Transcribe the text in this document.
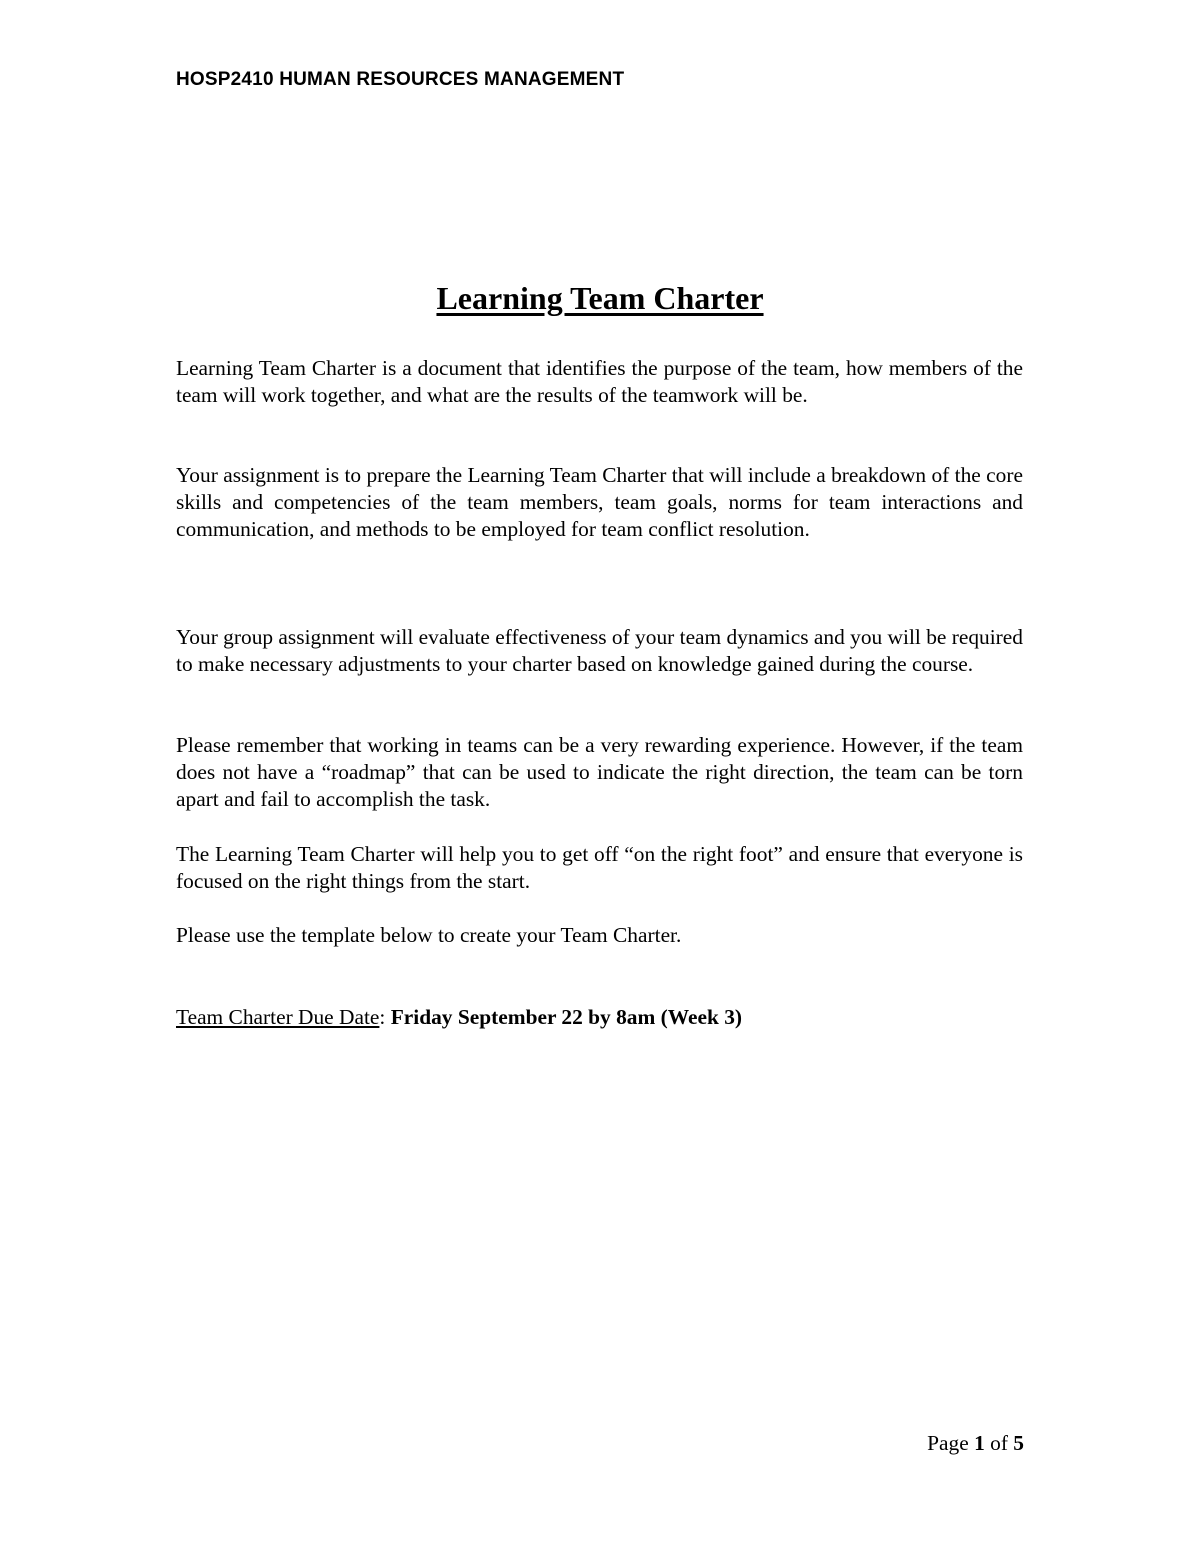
HOSP2410 HUMAN RESOURCES MANAGEMENT
Learning Team Charter

Learning Team Charter is a document that identifies the purpose of the team, how members of the team will work together, and what are the results of the teamwork will be.

Your assignment is to prepare the Learning Team Charter that will include a breakdown of the core skills and competencies of the team members, team goals, norms for team interactions and communication, and methods to be employed for team conflict resolution.

Your group assignment will evaluate effectiveness of your team dynamics and you will be required to make necessary adjustments to your charter based on knowledge gained during the course.

Please remember that working in teams can be a very rewarding experience. However, if the team does not have a “roadmap” that can be used to indicate the right direction, the team can be torn apart and fail to accomplish the task.

The Learning Team Charter will help you to get off “on the right foot” and ensure that everyone is focused on the right things from the start.

Please use the template below to create your Team Charter.

Team Charter Due Date: Friday September 22 by 8am (Week 3)
Page 1 of 5
